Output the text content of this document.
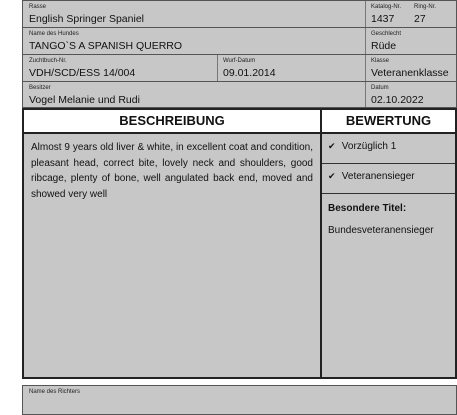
Rasse
English Springer Spaniel
Katalog-Nr.
1437
Ring-Nr.
27
Name des Hundes
TANGO`S A SPANISH QUERRO
Geschlecht
Rüde
Zuchtbuch-Nr.
VDH/SCD/ESS 14/004
Wurf-Datum
09.01.2014
Klasse
Veteranenklasse
Besitzer
Vogel Melanie und Rudi
Datum
02.10.2022
BESCHREIBUNG
Almost 9 years old liver & white, in excellent coat and condition, pleasant head, correct bite, lovely neck and shoulders, good ribcage, plenty of bone, well angulated back end, moved and showed very well
BEWERTUNG
✔ Vorzüglich 1
✔ Veteranensieger
Besondere Titel:
Bundesveteranensieger
Name des Richters
